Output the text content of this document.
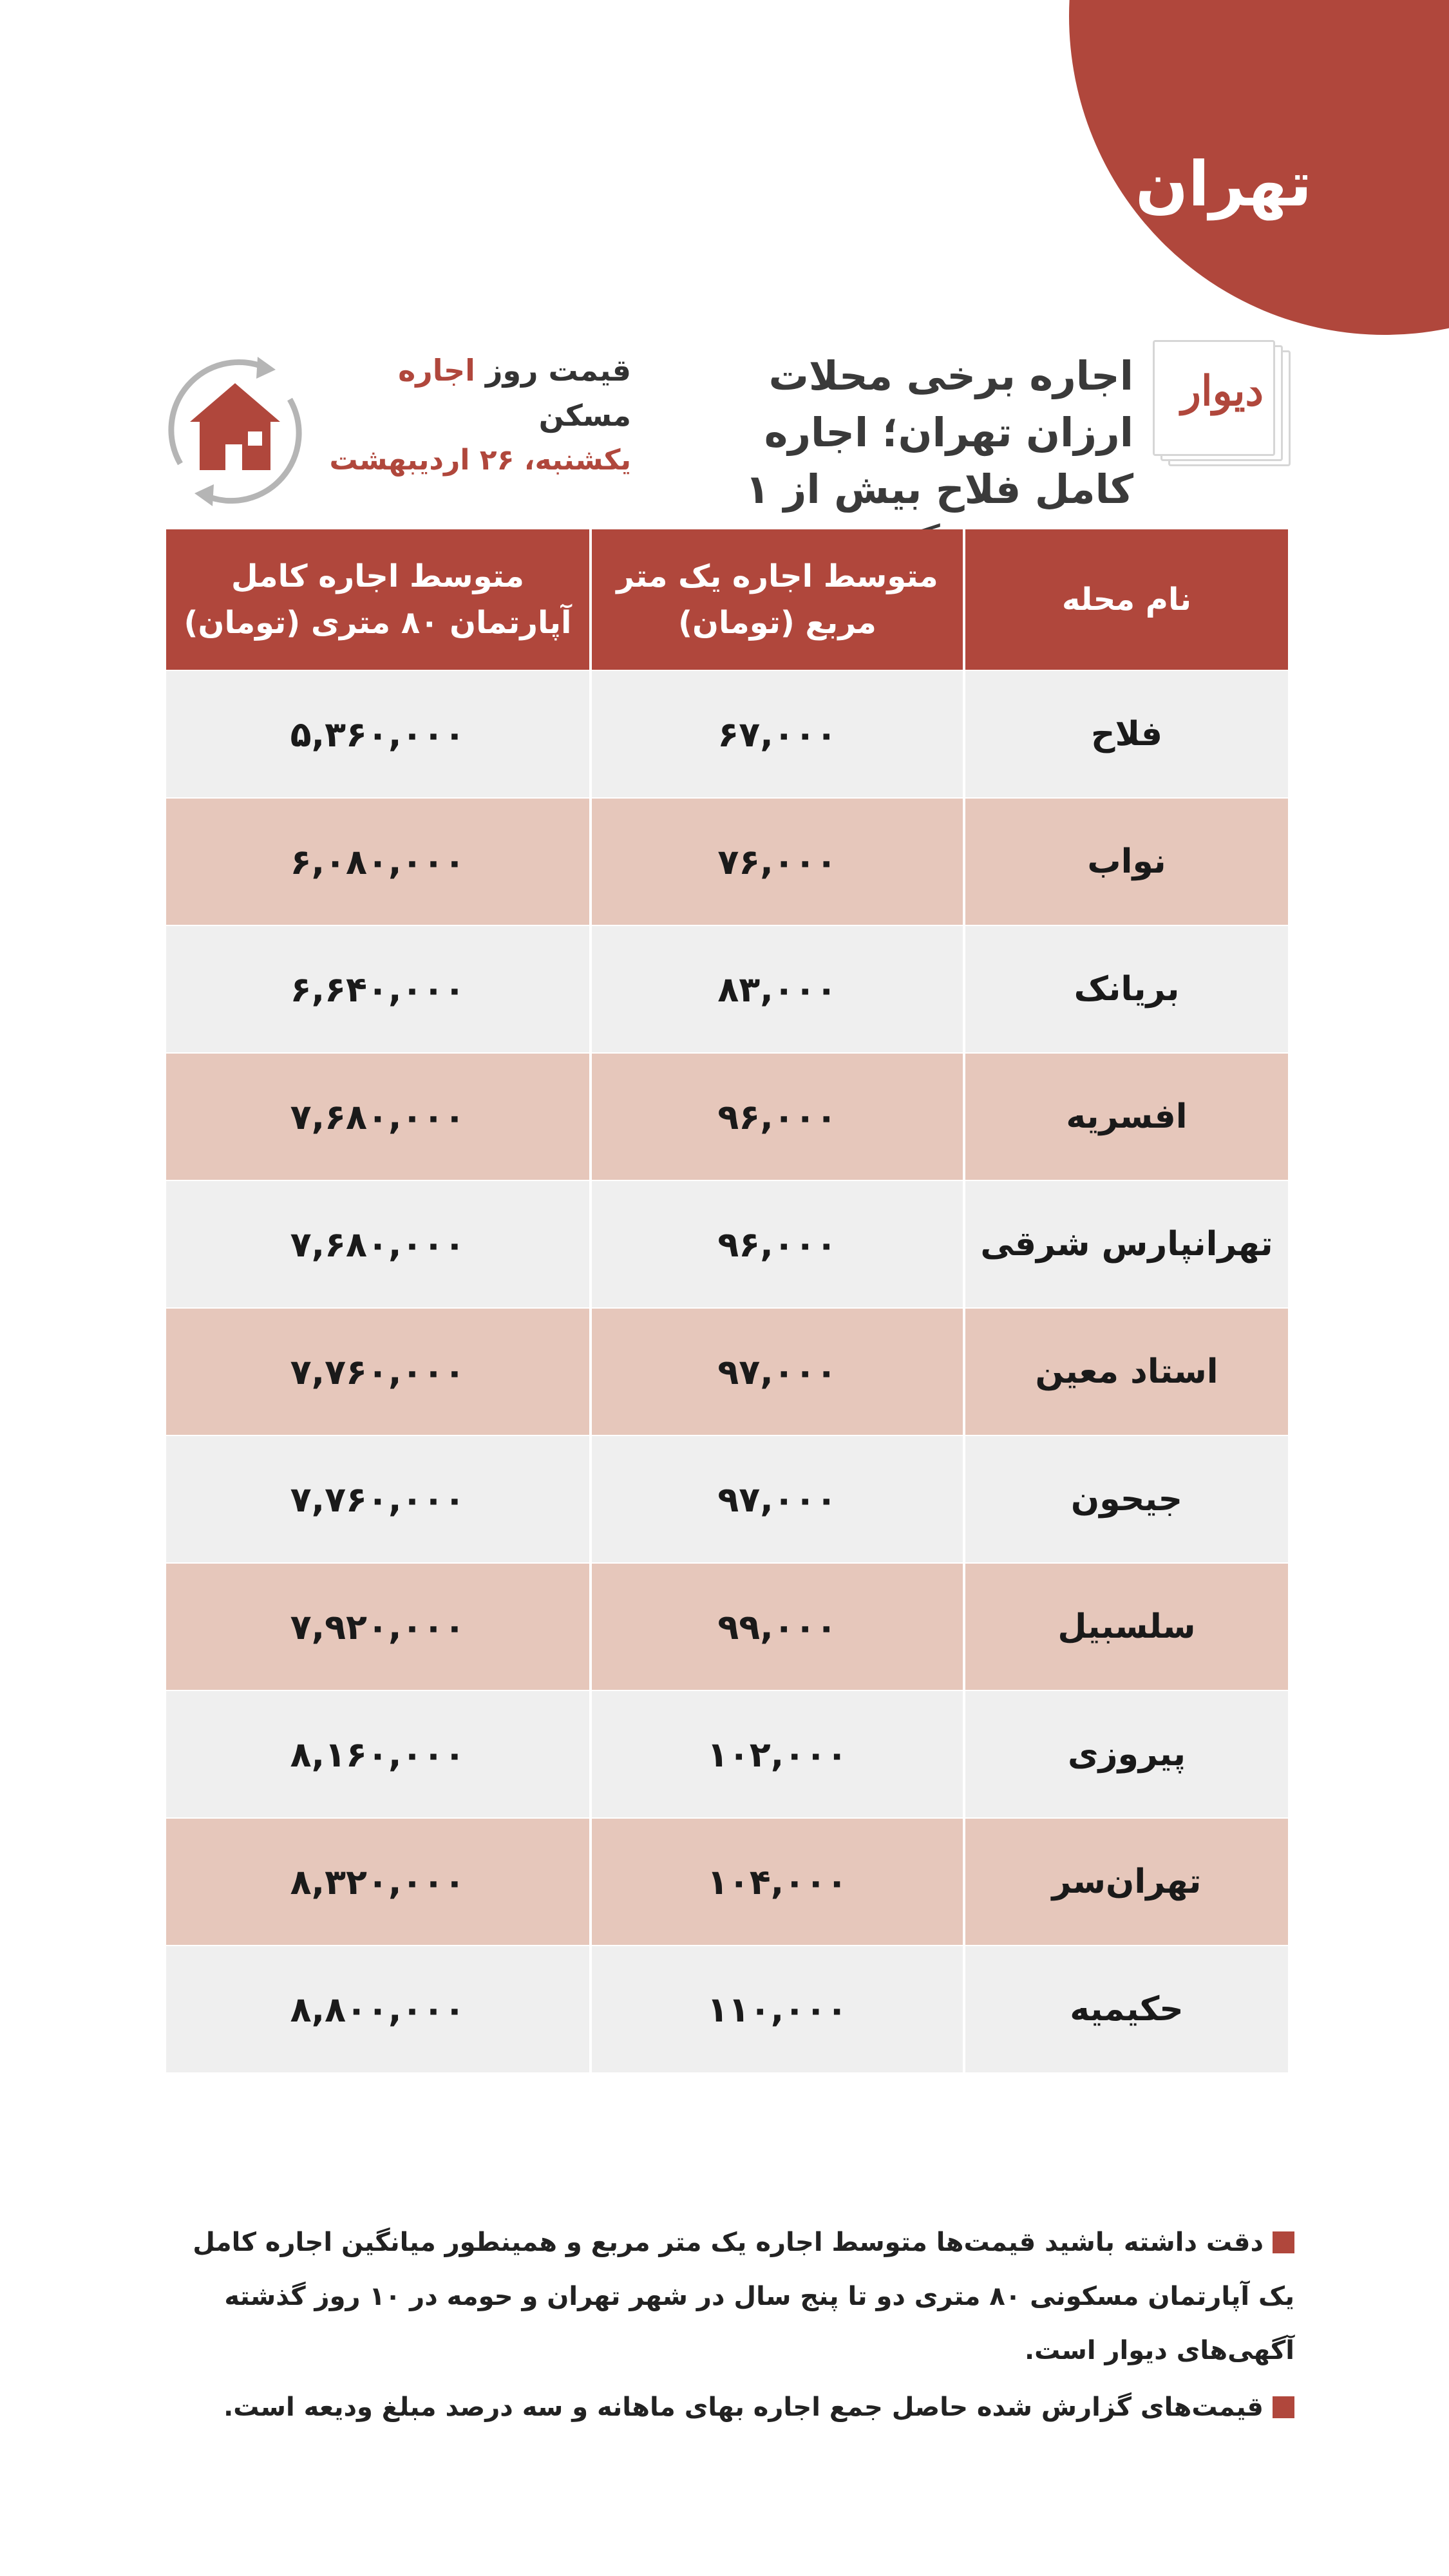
تهران
دیوار
اجاره برخی محلات ارزان تهران؛ اجاره کامل فلاح بیش از ۱
قیمت روز اجاره مسکن
یکشنبه، ۲۶ اردیبهشت
نام محله
متوسط اجاره یک متر مربع (تومان)
متوسط اجاره کامل آپارتمان ۸۰ متری (تومان)
فلاح
۶۷,۰۰۰
۵,۳۶۰,۰۰۰
نواب
۷۶,۰۰۰
۶,۰۸۰,۰۰۰
بریانک
۸۳,۰۰۰
۶,۶۴۰,۰۰۰
افسریه
۹۶,۰۰۰
۷,۶۸۰,۰۰۰
تهرانپارس شرقی
۹۶,۰۰۰
۷,۶۸۰,۰۰۰
استاد معین
۹۷,۰۰۰
۷,۷۶۰,۰۰۰
جیحون
۹۷,۰۰۰
۷,۷۶۰,۰۰۰
سلسبیل
۹۹,۰۰۰
۷,۹۲۰,۰۰۰
پیروزی
۱۰۲,۰۰۰
۸,۱۶۰,۰۰۰
تهران‌سر
۱۰۴,۰۰۰
۸,۳۲۰,۰۰۰
حکیمیه
۱۱۰,۰۰۰
۸,۸۰۰,۰۰۰
دقت داشته باشید قیمت‌ها متوسط اجاره یک متر مربع و همینطور میانگین اجاره کامل یک آپارتمان مسکونی ۸۰ متری دو تا پنج سال در شهر تهران و حومه در ۱۰ روز گذشته آگهی‌های دیوار است.
قیمت‌های گزارش شده حاصل جمع اجاره بهای ماهانه و سه درصد مبلغ ودیعه است.
